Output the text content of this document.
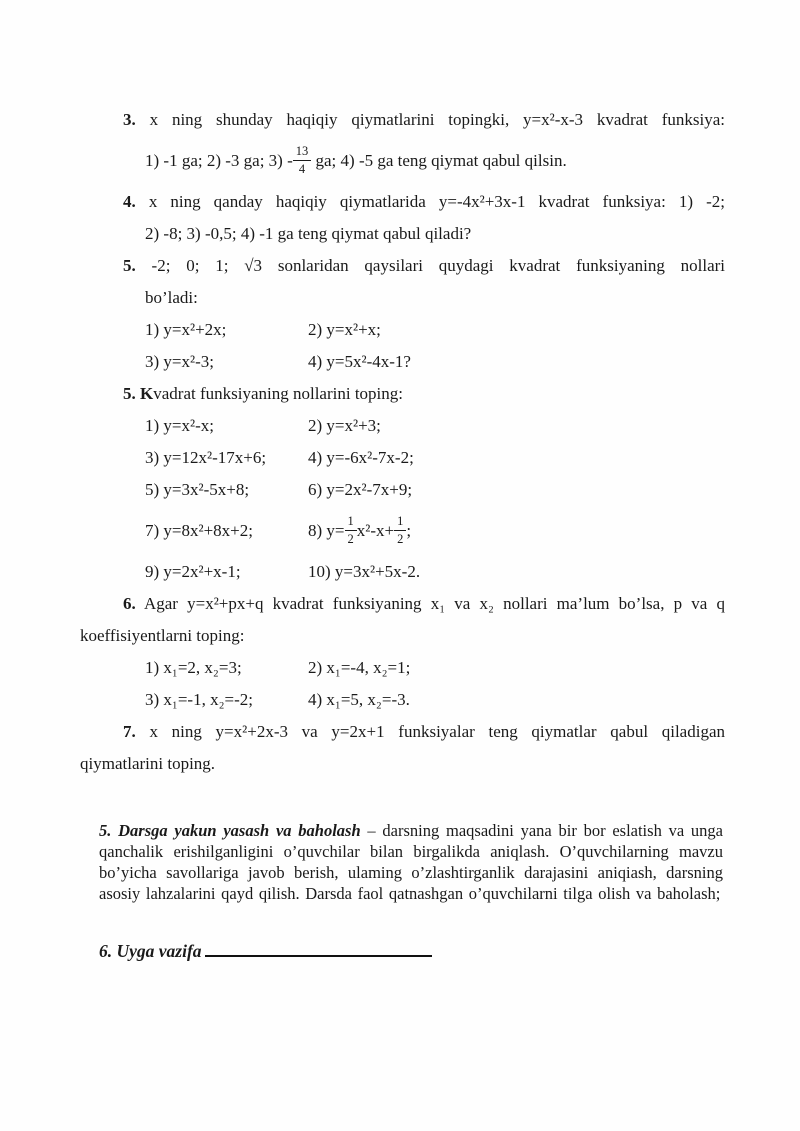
3. x ning shunday haqiqiy qiymatlarini topingki, y=x²-x-3 kvadrat funksiya:
1) -1 ga; 2) -3 ga; $3) - \frac{13}{4}$ ga; 4) -5 ga teng qiymat qabul qilsin.
4. x ning qanday haqiqiy qiymatlarida y=-4x²+3x-1 kvadrat funksiya: 1) -2;
2) -8; 3) -0,5; 4) -1 ga teng qiymat qabul qiladi?
5. -2; 0; 1; √3 sonlaridan qaysilari quydagi kvadrat funksiyaning nollari
bo’ladi:
1) y=x²+2x;	2) y=x²+x;
3) y=x²-3;	4) y=5x²-4x-1?
5. Kvadrat funksiyaning nollarini toping:
1) y=x²-x;	2) y=x²+3;
3) y=12x²-17x+6; 4) y=-6x²-7x-2;
5) y=3x²-5x+8;	6) y=2x²-7x+9;
7) y=8x²+8x+2;	8) $y= \frac{1}{2} x^2-x+ \frac{1}{2}$ ;
9) y=2x²+x-1;	10) y=3x²+5x-2.
6. Agar y=x²+px+q kvadrat funksiyaning x₁ va x₂ nollari ma’lum bo’lsa, p va q
koeffisiyentlarni toping:
1) x₁=2, x₂=3;	2) x₁=-4, x₂=1;
3) x₁=-1, x₂=-2;	4) x₁=5, x₂=-3.
7. x ning y=x²+2x-3 va y=2x+1 funksiyalar teng qiymatlar qabul qiladigan
qiymatlarini toping.

5. Darsga yakun yasash va baholash – darsning maqsadini yana bir bor eslatish va unga qanchalik erishilganligini o’quvchilar bilan birgalikda aniqlash. O’quvchilarning mavzu bo’yicha savollariga javob berish, ulaming o’zlashtirganlik darajasini aniqiash, darsning asosiy lahzalarini qayd qilish. Darsda faol qatnashgan o’quvchilarni tilga olish va baholash;

6. Uyga vazifa
